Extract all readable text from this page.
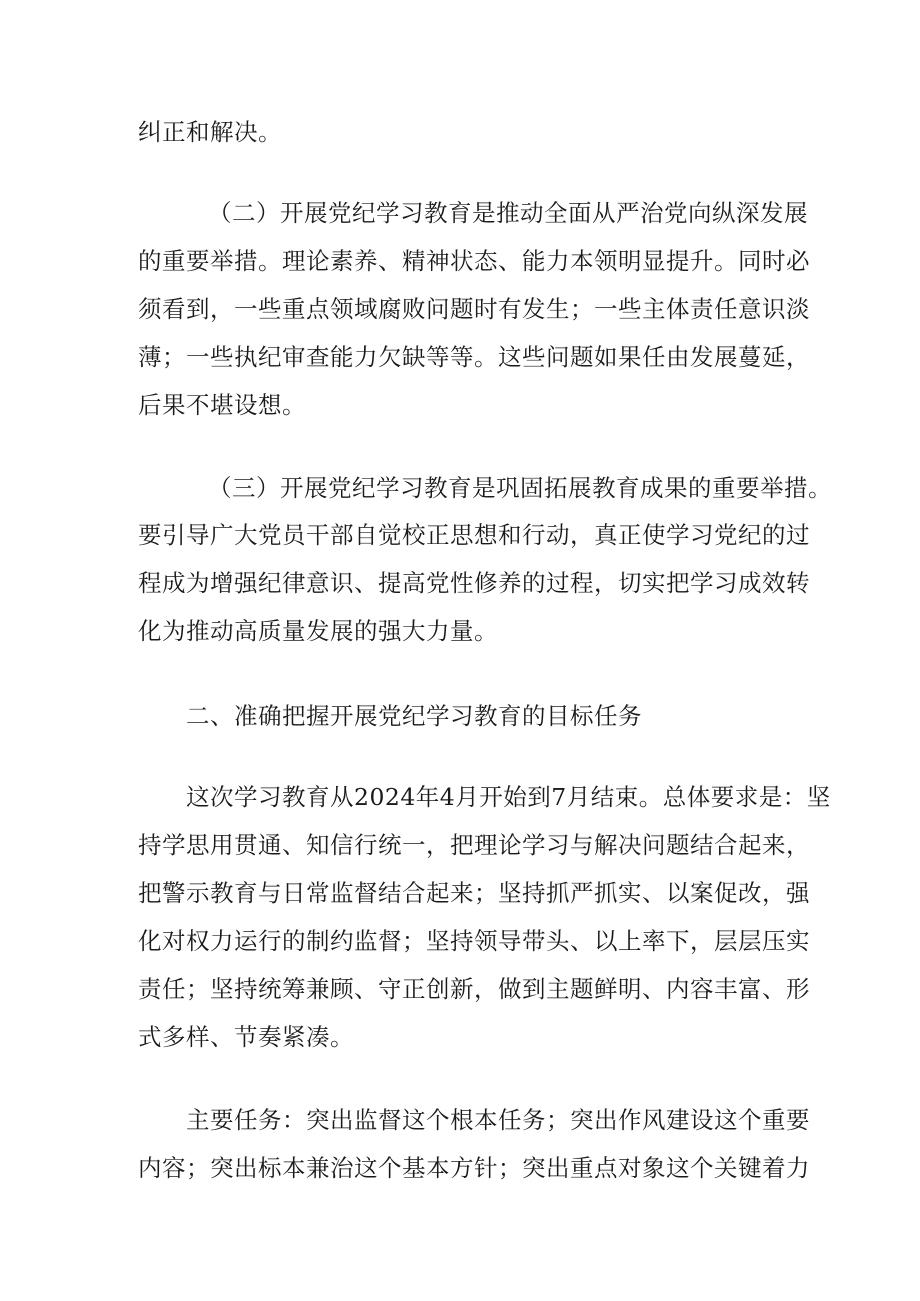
纠正和解决。
（二）开展党纪学习教育是推动全面从严治党向纵深发展
的重要举措。理论素养、精神状态、能力本领明显提升。同时必
须看到，一些重点领域腐败问题时有发生；一些主体责任意识淡
薄；一些执纪审查能力欠缺等等。这些问题如果任由发展蔓延，
后果不堪设想。
（三）开展党纪学习教育是巩固拓展教育成果的重要举措。
要引导广大党员干部自觉校正思想和行动，真正使学习党纪的过
程成为增强纪律意识、提高党性修养的过程，切实把学习成效转
化为推动高质量发展的强大力量。
二、准确把握开展党纪学习教育的目标任务
这次学习教育从2024年4月开始到7月结束。总体要求是：坚
持学思用贯通、知信行统一，把理论学习与解决问题结合起来，
把警示教育与日常监督结合起来；坚持抓严抓实、以案促改，强
化对权力运行的制约监督；坚持领导带头、以上率下，层层压实
责任；坚持统筹兼顾、守正创新，做到主题鲜明、内容丰富、形
式多样、节奏紧凑。
主要任务：突出监督这个根本任务；突出作风建设这个重要
内容；突出标本兼治这个基本方针；突出重点对象这个关键着力
